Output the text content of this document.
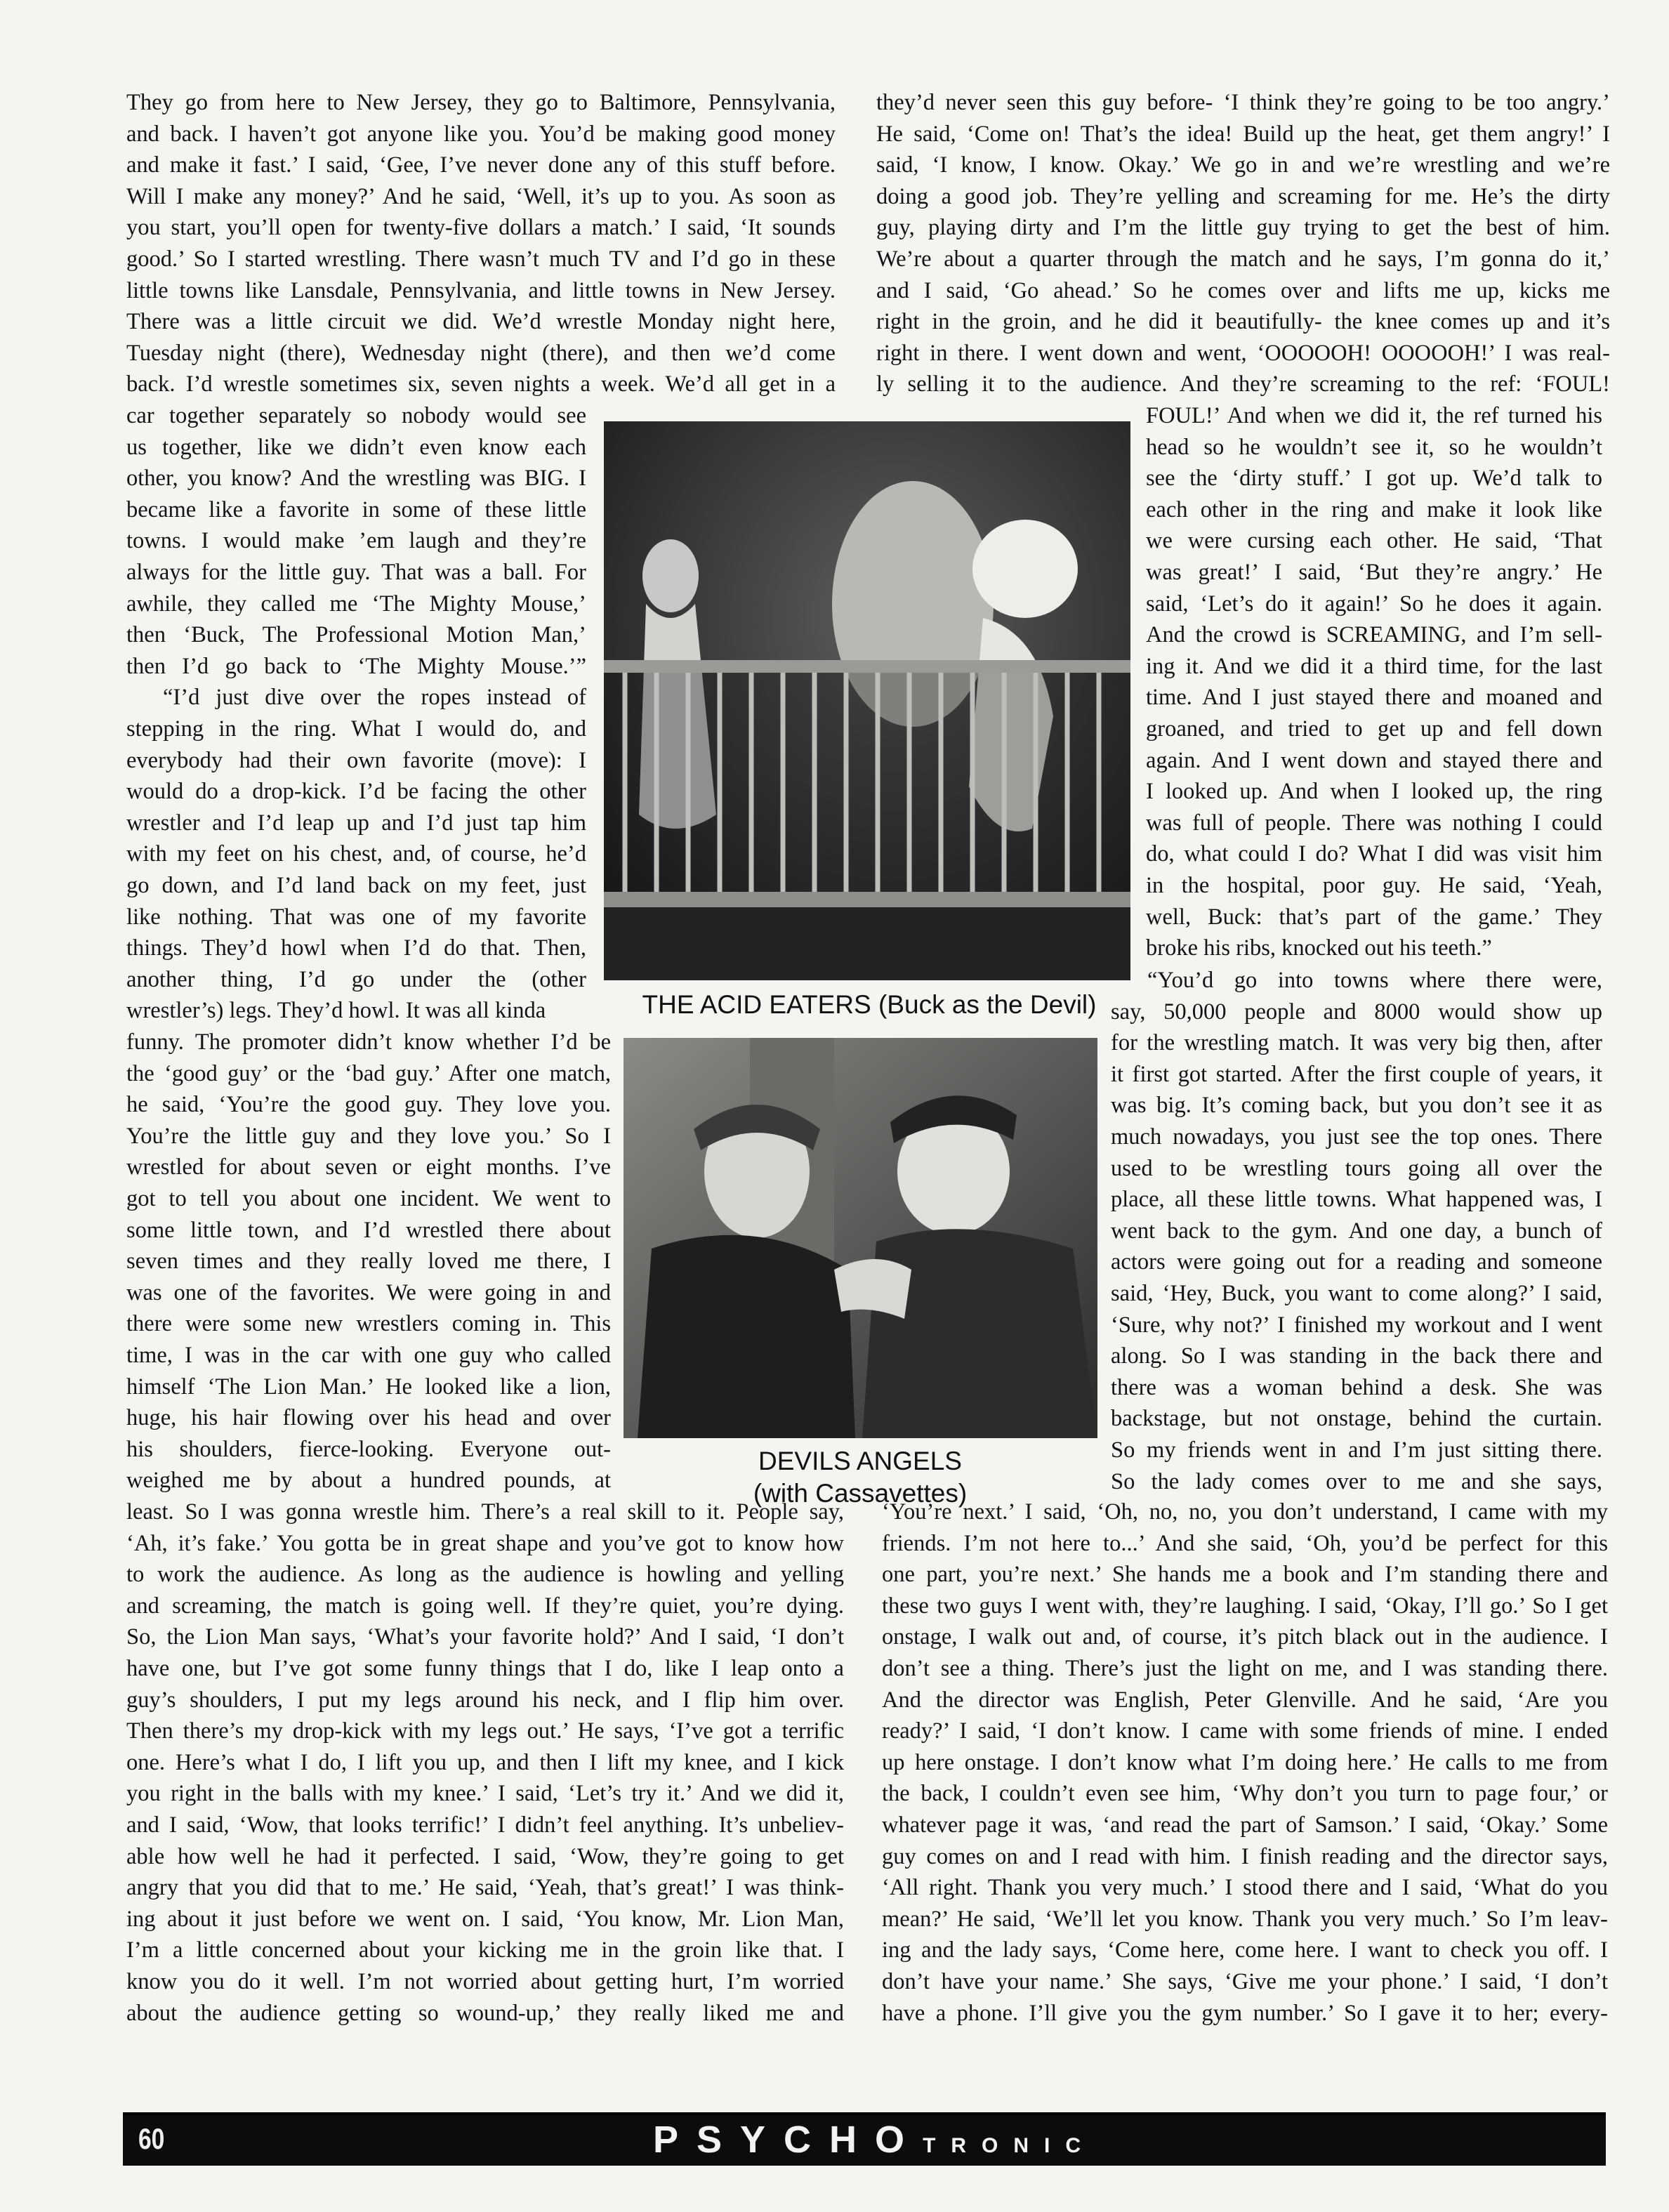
They go from here to New Jersey, they go to Baltimore, Pennsylvania,
and back. I haven’t got anyone like you. You’d be making good money
and make it fast.’ I said, ‘Gee, I’ve never done any of this stuff before.
Will I make any money?’ And he said, ‘Well, it’s up to you. As soon as
you start, you’ll open for twenty-five dollars a match.’ I said, ‘It sounds
good.’ So I started wrestling. There wasn’t much TV and I’d go in these
little towns like Lansdale, Pennsylvania, and little towns in New Jersey.
There was a little circuit we did. We’d wrestle Monday night here,
Tuesday night (there), Wednesday night (there), and then we’d come
back. I’d wrestle sometimes six, seven nights a week. We’d all get in a
car together separately so nobody would see
us together, like we didn’t even know each
other, you know? And the wrestling was BIG. I
became like a favorite in some of these little
towns. I would make ’em laugh and they’re
always for the little guy. That was a ball. For
awhile, they called me ‘The Mighty Mouse,’
then ‘Buck, The Professional Motion Man,’
then I’d go back to ‘The Mighty Mouse.’”
“I’d just dive over the ropes instead of
stepping in the ring. What I would do, and
everybody had their own favorite (move): I
would do a drop-kick. I’d be facing the other
wrestler and I’d leap up and I’d just tap him
with my feet on his chest, and, of course, he’d
go down, and I’d land back on my feet, just
like nothing. That was one of my favorite
things. They’d howl when I’d do that. Then,
another thing, I’d go under the (other
wrestler’s) legs. They’d howl. It was all kinda
funny. The promoter didn’t know whether I’d be
the ‘good guy’ or the ‘bad guy.’ After one match,
he said, ‘You’re the good guy. They love you.
You’re the little guy and they love you.’ So I
wrestled for about seven or eight months. I’ve
got to tell you about one incident. We went to
some little town, and I’d wrestled there about
seven times and they really loved me there, I
was one of the favorites. We were going in and
there were some new wrestlers coming in. This
time, I was in the car with one guy who called
himself ‘The Lion Man.’ He looked like a lion,
huge, his hair flowing over his head and over
his shoulders, fierce-looking. Everyone out-
weighed me by about a hundred pounds, at
least. So I was gonna wrestle him. There’s a real skill to it. People say,
‘Ah, it’s fake.’ You gotta be in great shape and you’ve got to know how
to work the audience. As long as the audience is howling and yelling
and screaming, the match is going well. If they’re quiet, you’re dying.
So, the Lion Man says, ‘What’s your favorite hold?’ And I said, ‘I don’t
have one, but I’ve got some funny things that I do, like I leap onto a
guy’s shoulders, I put my legs around his neck, and I flip him over.
Then there’s my drop-kick with my legs out.’ He says, ‘I’ve got a terrific
one. Here’s what I do, I lift you up, and then I lift my knee, and I kick
you right in the balls with my knee.’ I said, ‘Let’s try it.’ And we did it,
and I said, ‘Wow, that looks terrific!’ I didn’t feel anything. It’s unbeliev-
able how well he had it perfected. I said, ‘Wow, they’re going to get
angry that you did that to me.’ He said, ‘Yeah, that’s great!’ I was think-
ing about it just before we went on. I said, ‘You know, Mr. Lion Man,
I’m a little concerned about your kicking me in the groin like that. I
know you do it well. I’m not worried about getting hurt, I’m worried
about the audience getting so wound-up,’ they really liked me and
they’d never seen this guy before- ‘I think they’re going to be too angry.’
He said, ‘Come on! That’s the idea! Build up the heat, get them angry!’ I
said, ‘I know, I know. Okay.’ We go in and we’re wrestling and we’re
doing a good job. They’re yelling and screaming for me. He’s the dirty
guy, playing dirty and I’m the little guy trying to get the best of him.
We’re about a quarter through the match and he says, I’m gonna do it,’
and I said, ‘Go ahead.’ So he comes over and lifts me up, kicks me
right in the groin, and he did it beautifully- the knee comes up and it’s
right in there. I went down and went, ‘OOOOOH! OOOOOH!’ I was real-
ly selling it to the audience. And they’re screaming to the ref: ‘FOUL!
FOUL!’ And when we did it, the ref turned his
head so he wouldn’t see it, so he wouldn’t
see the ‘dirty stuff.’ I got up. We’d talk to
each other in the ring and make it look like
we were cursing each other. He said, ‘That
was great!’ I said, ‘But they’re angry.’ He
said, ‘Let’s do it again!’ So he does it again.
And the crowd is SCREAMING, and I’m sell-
ing it. And we did it a third time, for the last
time. And I just stayed there and moaned and
groaned, and tried to get up and fell down
again. And I went down and stayed there and
I looked up. And when I looked up, the ring
was full of people. There was nothing I could
do, what could I do? What I did was visit him
in the hospital, poor guy. He said, ‘Yeah,
well, Buck: that’s part of the game.’ They
broke his ribs, knocked out his teeth.”
“You’d go into towns where there were,
say, 50,000 people and 8000 would show up
for the wrestling match. It was very big then, after
it first got started. After the first couple of years, it
was big. It’s coming back, but you don’t see it as
much nowadays, you just see the top ones. There
used to be wrestling tours going all over the
place, all these little towns. What happened was, I
went back to the gym. And one day, a bunch of
actors were going out for a reading and someone
said, ‘Hey, Buck, you want to come along?’ I said,
‘Sure, why not?’ I finished my workout and I went
along. So I was standing in the back there and
there was a woman behind a desk. She was
backstage, but not onstage, behind the curtain.
So my friends went in and I’m just sitting there.
So the lady comes over to me and she says,
‘You’re next.’ I said, ‘Oh, no, no, you don’t understand, I came with my
friends. I’m not here to...’ And she said, ‘Oh, you’d be perfect for this
one part, you’re next.’ She hands me a book and I’m standing there and
these two guys I went with, they’re laughing. I said, ‘Okay, I’ll go.’ So I get
onstage, I walk out and, of course, it’s pitch black out in the audience. I
don’t see a thing. There’s just the light on me, and I was standing there.
And the director was English, Peter Glenville. And he said, ‘Are you
ready?’ I said, ‘I don’t know. I came with some friends of mine. I ended
up here onstage. I don’t know what I’m doing here.’ He calls to me from
the back, I couldn’t even see him, ‘Why don’t you turn to page four,’ or
whatever page it was, ‘and read the part of Samson.’ I said, ‘Okay.’ Some
guy comes on and I read with him. I finish reading and the director says,
‘All right. Thank you very much.’ I stood there and I said, ‘What do you
mean?’ He said, ‘We’ll let you know. Thank you very much.’ So I’m leav-
ing and the lady says, ‘Come here, come here. I want to check you off. I
don’t have your name.’ She says, ‘Give me your phone.’ I said, ‘I don’t
have a phone. I’ll give you the gym number.’ So I gave it to her; every-
THE ACID EATERS (Buck as the Devil)
DEVILS ANGELS
(with Cassavettes)
60	PSYCHOTRONIC
